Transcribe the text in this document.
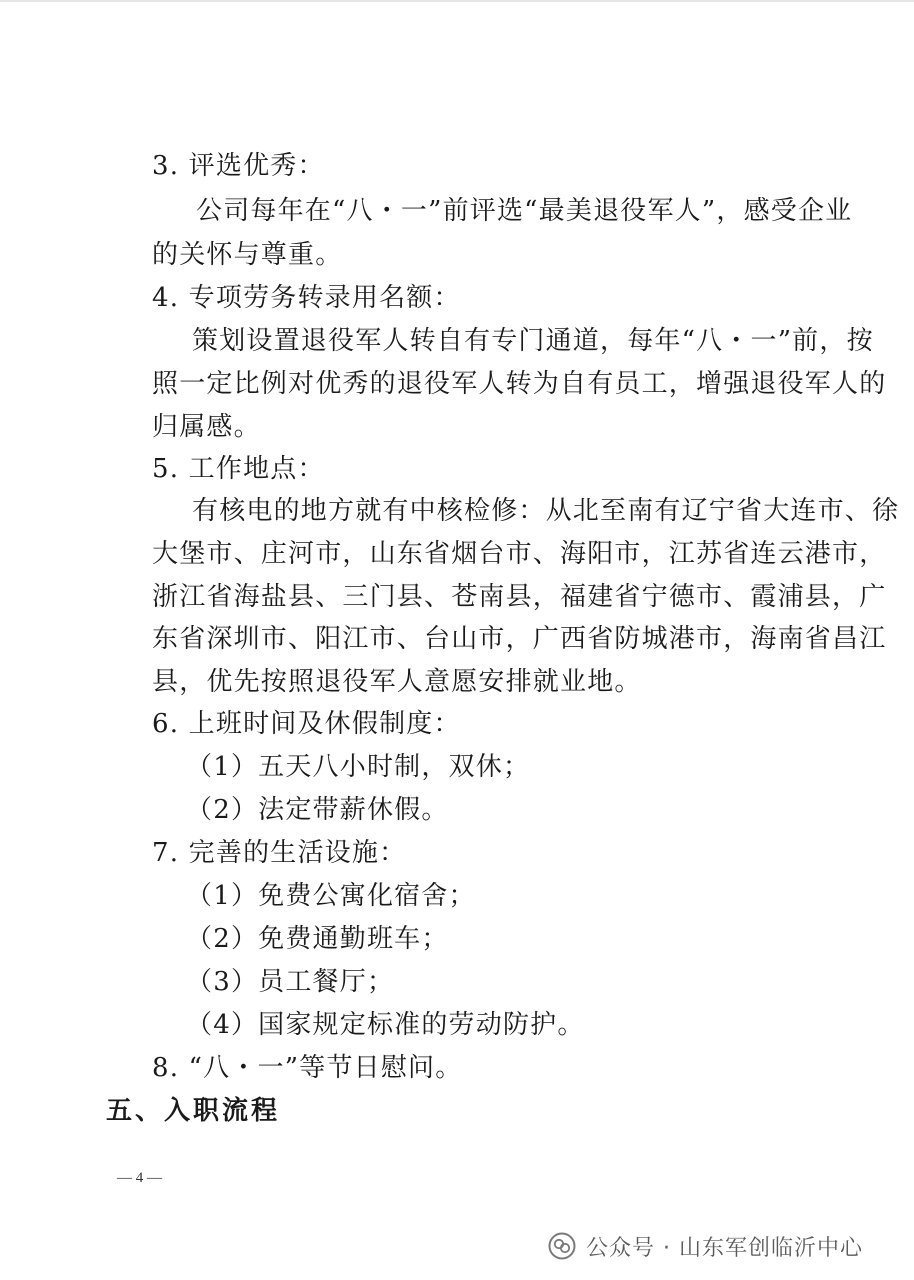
3. 评选优秀：
公司每年在“八・一”前评选“最美退役军人”，感受企业
的关怀与尊重。
4. 专项劳务转录用名额：
策划设置退役军人转自有专门通道，每年“八・一”前，按
照一定比例对优秀的退役军人转为自有员工，增强退役军人的
归属感。
5. 工作地点：
有核电的地方就有中核检修：从北至南有辽宁省大连市、徐
大堡市、庄河市，山东省烟台市、海阳市，江苏省连云港市，
浙江省海盐县、三门县、苍南县，福建省宁德市、霞浦县，广
东省深圳市、阳江市、台山市，广西省防城港市，海南省昌江
县，优先按照退役军人意愿安排就业地。
6. 上班时间及休假制度：
（1）五天八小时制，双休；
（2）法定带薪休假。
7. 完善的生活设施：
（1）免费公寓化宿舍；
（2）免费通勤班车；
（3）员工餐厅；
（4）国家规定标准的劳动防护。
8. “八・一”等节日慰问。
五、入职流程
— 4 —
公众号 · 山东军创临沂中心
